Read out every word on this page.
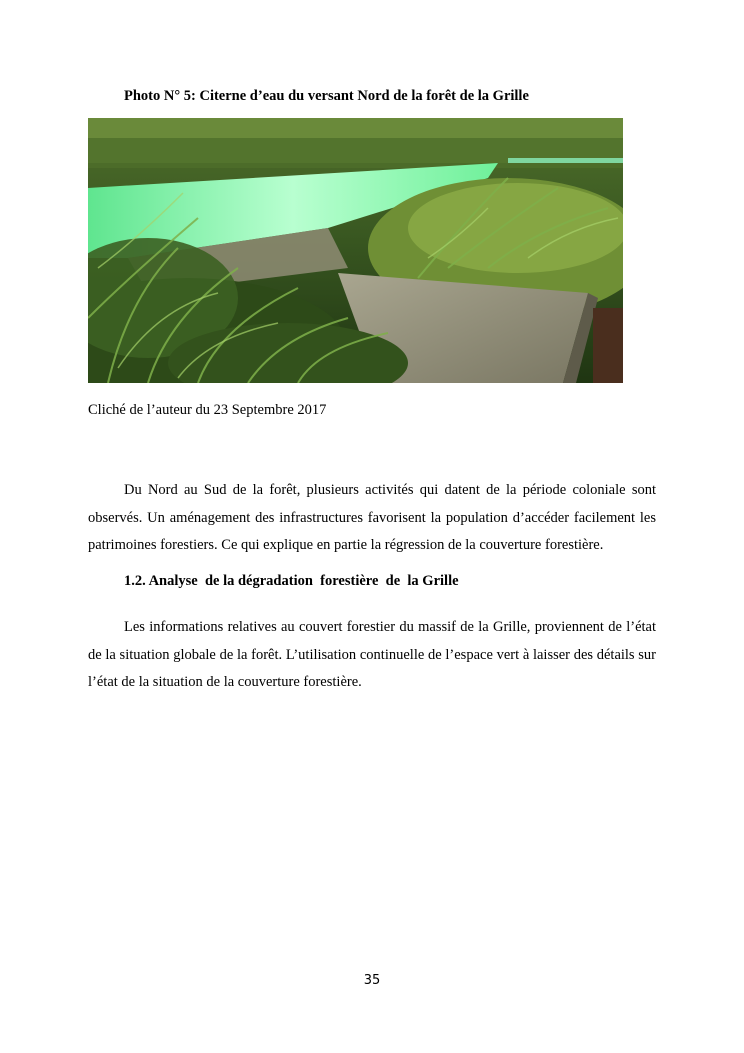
Photo N° 5: Citerne d’eau du versant Nord de la forêt de la Grille
Cliché de l’auteur du 23 Septembre 2017

Du Nord au Sud de la forêt, plusieurs activités qui datent de la période coloniale sont observés. Un aménagement des infrastructures favorisent la population d’accéder facilement les patrimoines forestiers. Ce qui explique en partie la régression de la couverture forestière.

1.2. Analyse  de la dégradation  forestière  de  la Grille

Les informations relatives au couvert forestier du massif de la Grille, proviennent de l’état de la situation globale de la forêt. L’utilisation continuelle de l’espace vert à laisser des détails sur l’état de la situation de la couverture forestière.

35
